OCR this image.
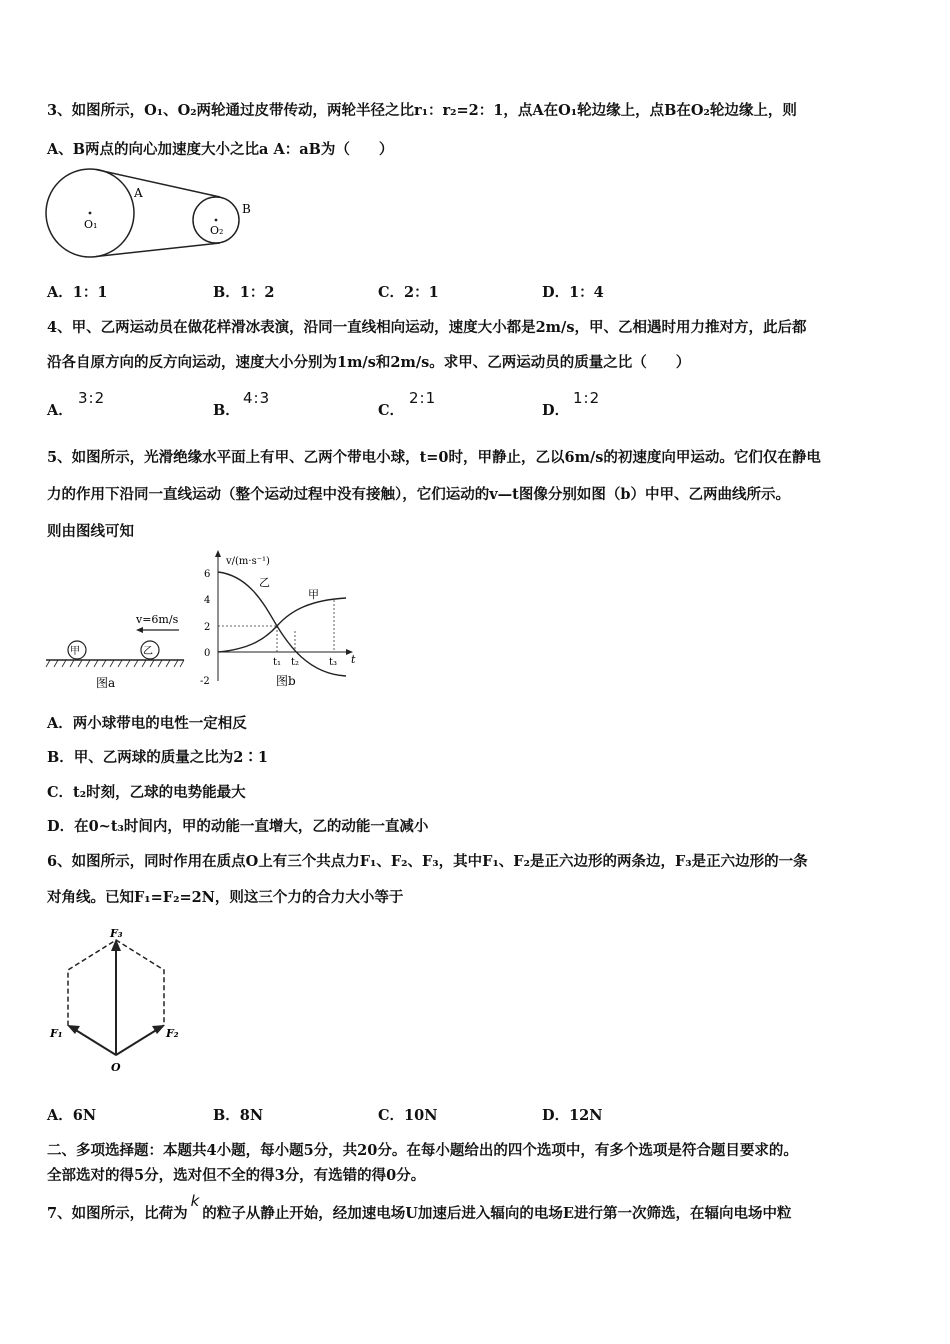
3、如图所示，O₁、O₂两轮通过皮带传动，两轮半径之比r₁：r₂=2：1，点A在O₁轮边缘上，点B在O₂轮边缘上，则
A、B两点的向心加速度大小之比a A：aB为（　　）
O₁	O₂
A
B
A．1：1	B．1：2	C．2：1	D．1：4
4、甲、乙两运动员在做花样滑冰表演，沿同一直线相向运动，速度大小都是2m/s，甲、乙相遇时用力推对方，此后都
沿各自原方向的反方向运动，速度大小分别为1m/s和2m/s。求甲、乙两运动员的质量之比（　　）
A．
3:2
B．
4:3
C．
2:1
D．
1:2
5、如图所示，光滑绝缘水平面上有甲、乙两个带电小球，t=0时，甲静止，乙以6m/s的初速度向甲运动。它们仅在静电
力的作用下沿同一直线运动（整个运动过程中没有接触），它们运动的v—t图像分别如图（b）中甲、乙两曲线所示。
则由图线可知
v=6m/s
甲	乙
图a
v/(m·s⁻¹)
6
4
2
0
-2
乙
甲
t₁ t₂	t₃ t
图b
A．两小球带电的电性一定相反
B．甲、乙两球的质量之比为2∶1
C．t₂时刻，乙球的电势能最大
D．在0~t₃时间内，甲的动能一直增大，乙的动能一直减小
6、如图所示，同时作用在质点O上有三个共点力F₁、F₂、F₃，其中F₁、F₂是正六边形的两条边，F₃是正六边形的一条
对角线。已知F₁=F₂=2N，则这三个力的合力大小等于
F₃
F₁	F₂
O
A．6N	B．8N	C．10N	D．12N
二、多项选择题：本题共4小题，每小题5分，共20分。在每小题给出的四个选项中，有多个选项是符合题目要求的。
全部选对的得5分，选对但不全的得3分，有选错的得0分。
7、如图所示，比荷为k的粒子从静止开始，经加速电场U加速后进入辐向的电场E进行第一次筛选，在辐向电场中粒
